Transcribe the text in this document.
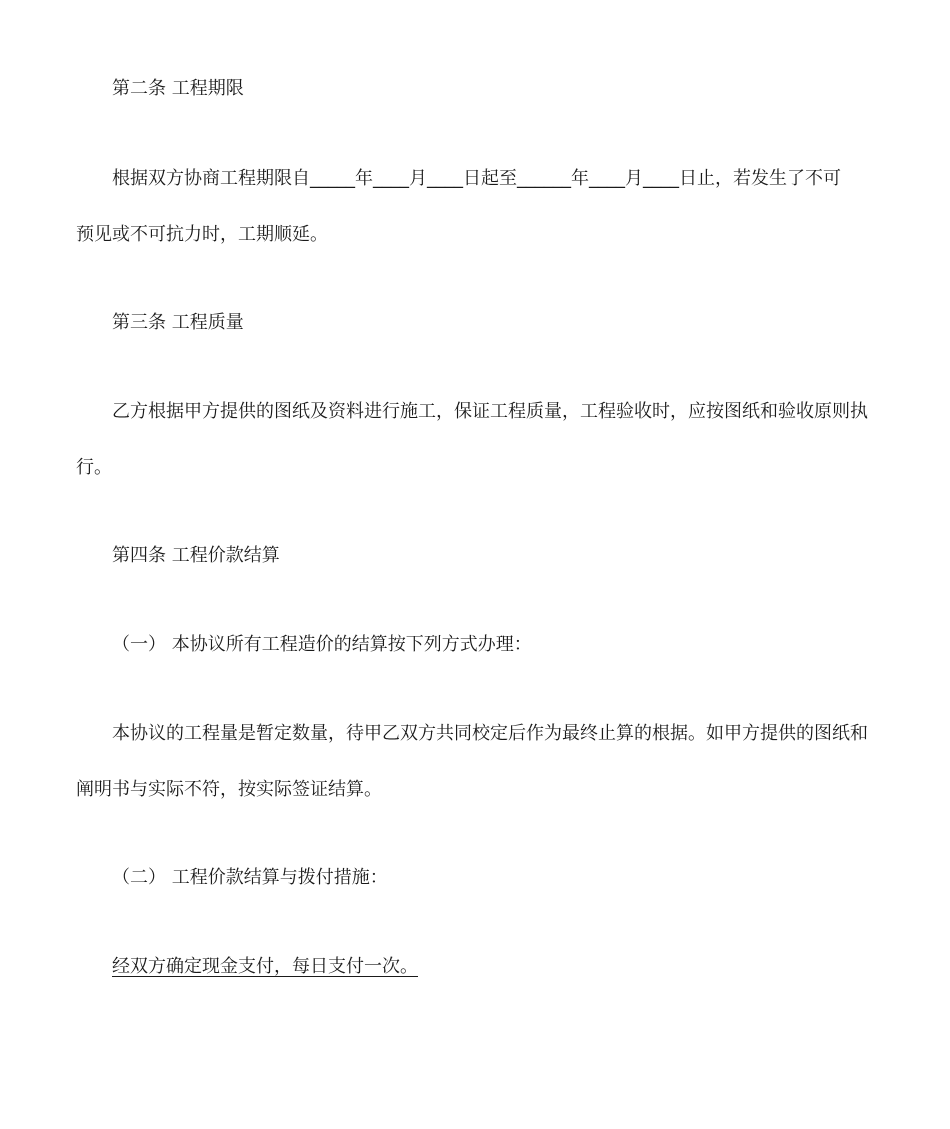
第二条 工程期限
根据双方协商工程期限自_____年____月____日起至______年____月____日止，若发生了不可
预见或不可抗力时，工期顺延。
第三条 工程质量
乙方根据甲方提供的图纸及资料进行施工，保证工程质量，工程验收时，应按图纸和验收原则执
行。
第四条 工程价款结算
（一） 本协议所有工程造价的结算按下列方式办理：
本协议的工程量是暂定数量，待甲乙双方共同校定后作为最终止算的根据。如甲方提供的图纸和
阐明书与实际不符，按实际签证结算。
（二） 工程价款结算与拨付措施：
经双方确定现金支付，每日支付一次。
